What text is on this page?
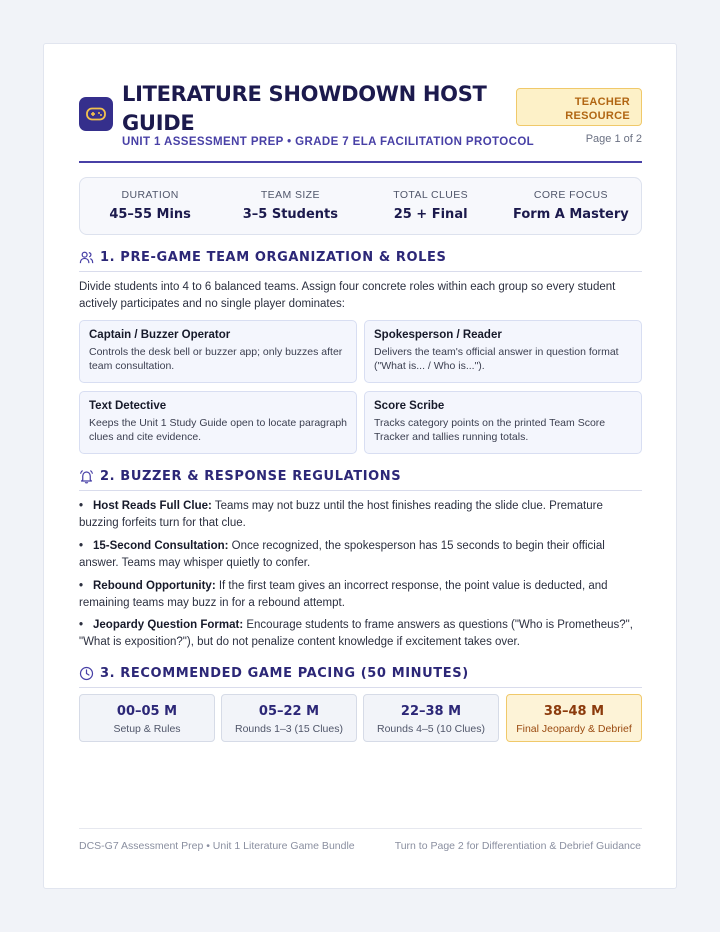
LITERATURE SHOWDOWN HOST GUIDE
UNIT 1 ASSESSMENT PREP • GRADE 7 ELA FACILITATION PROTOCOL
TEACHER
RESOURCE
Page 1 of 2
DURATION
45–55 Mins
TEAM SIZE
3–5 Students
TOTAL CLUES
25 + Final
CORE FOCUS
Form A Mastery
1. PRE-GAME TEAM ORGANIZATION & ROLES
Divide students into 4 to 6 balanced teams. Assign four concrete roles within each group so every student actively participates and no single player dominates:
Captain / Buzzer Operator
Controls the desk bell or buzzer app; only buzzes after team consultation.
Spokesperson / Reader
Delivers the team's official answer in question format ("What is... / Who is...").
Text Detective
Keeps the Unit 1 Study Guide open to locate paragraph clues and cite evidence.
Score Scribe
Tracks category points on the printed Team Score Tracker and tallies running totals.
2. BUZZER & RESPONSE REGULATIONS
• Host Reads Full Clue: Teams may not buzz until the host finishes reading the slide clue. Premature buzzing forfeits turn for that clue.
• 15-Second Consultation: Once recognized, the spokesperson has 15 seconds to begin their official answer. Teams may whisper quietly to confer.
• Rebound Opportunity: If the first team gives an incorrect response, the point value is deducted, and remaining teams may buzz in for a rebound attempt.
• Jeopardy Question Format: Encourage students to frame answers as questions ("Who is Prometheus?", "What is exposition?"), but do not penalize content knowledge if excitement takes over.
3. RECOMMENDED GAME PACING (50 MINUTES)
00–05 M
Setup & Rules
05–22 M
Rounds 1–3 (15 Clues)
22–38 M
Rounds 4–5 (10 Clues)
38–48 M
Final Jeopardy & Debrief
DCS-G7 Assessment Prep • Unit 1 Literature Game Bundle	Turn to Page 2 for Differentiation & Debrief Guidance
